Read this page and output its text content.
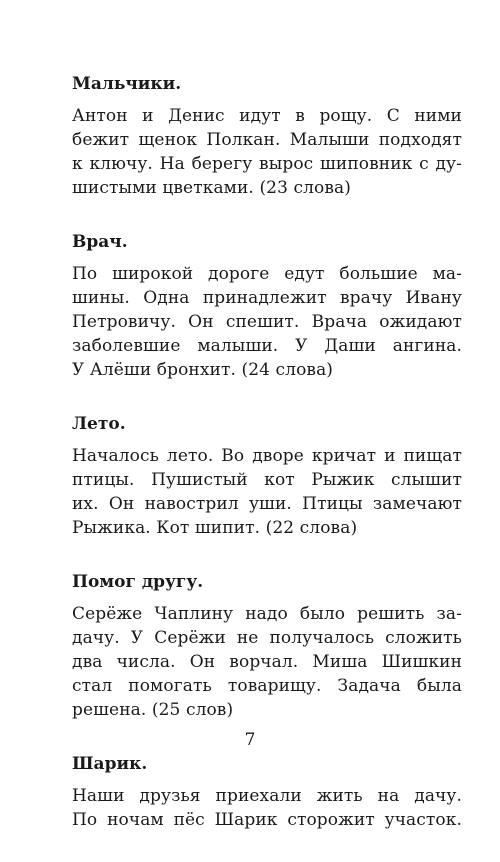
Мальчики.
Антон и Денис идут в рощу. С ними
бежит щенок Полкан. Малыши подходят
к ключу. На берегу вырос шиповник с ду-
шистыми цветками. (23 слова)
Врач.
По широкой дороге едут большие ма-
шины. Одна принадлежит врачу Ивану
Петровичу. Он спешит. Врача ожидают
заболевшие малыши. У Даши ангина.
У Алёши бронхит. (24 слова)
Лето.
Началось лето. Во дворе кричат и пищат
птицы. Пушистый кот Рыжик слышит
их. Он навострил уши. Птицы замечают
Рыжика. Кот шипит. (22 слова)
Помог другу.
Серёже Чаплину надо было решить за-
дачу. У Серёжи не получалось сложить
два числа. Он ворчал. Миша Шишкин
стал помогать товарищу. Задача была
решена. (25 слов)
Шарик.
Наши друзья приехали жить на дачу.
По ночам пёс Шарик сторожит участок.
7
